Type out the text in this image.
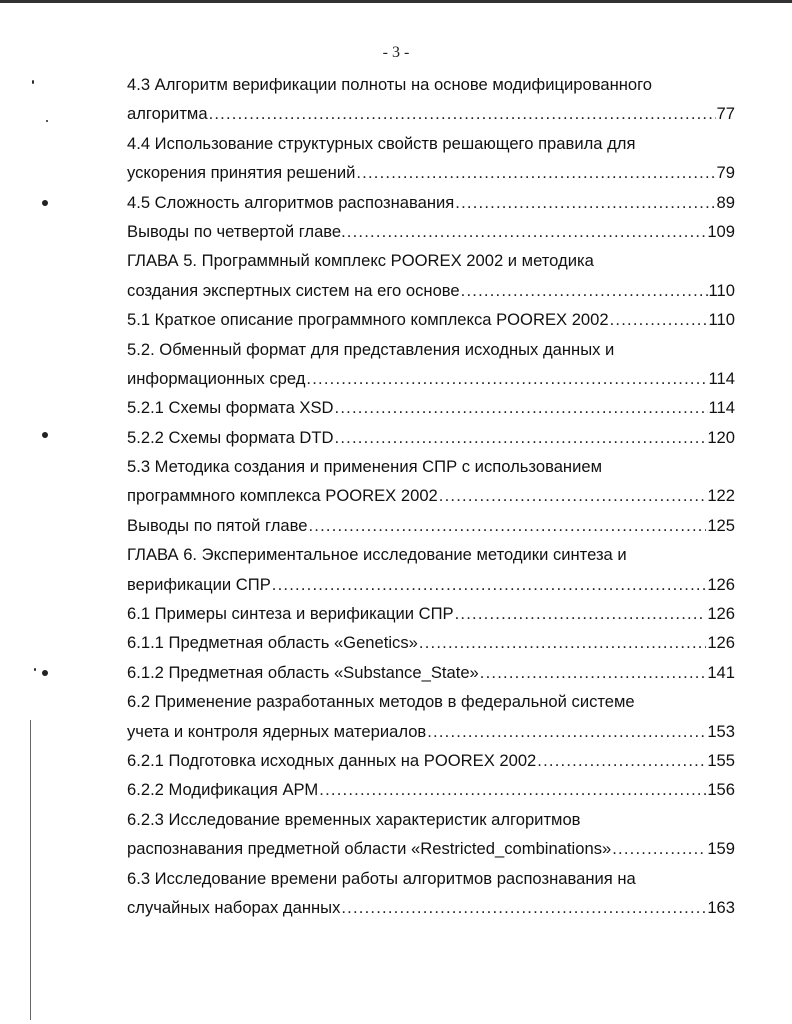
- 3 -
4.3 Алгоритм верификации полноты на основе модифицированного
алгоритма .....	77
4.4 Использование структурных свойств решающего правила для
ускорения принятия решений .....	79
4.5 Сложность алгоритмов распознавания .....	89
Выводы по четвертой главе. .....	109
ГЛАВА 5. Программный комплекс POOREX 2002 и методика
создания экспертных систем на его основе .....	110
5.1 Краткое описание программного комплекса POOREX 2002 .....	110
5.2. Обменный формат для представления исходных данных и
информационных сред .....	114
5.2.1 Схемы формата XSD .....	114
5.2.2 Схемы формата DTD .....	120
5.3 Методика создания и применения СПР с использованием
программного комплекса POOREX 2002 .....	122
Выводы по пятой главе .....	125
ГЛАВА 6. Экспериментальное исследование методики синтеза и
верификации СПР .....	126
6.1 Примеры синтеза и верификации СПР .....	126
6.1.1 Предметная область «Genetics» .....	126
6.1.2 Предметная область «Substance_State» .....	141
6.2 Применение разработанных методов в федеральной системе
учета и контроля ядерных материалов .....	153
6.2.1 Подготовка исходных данных на POOREX 2002 .....	155
6.2.2 Модификация АРМ .....	156
6.2.3 Исследование временных характеристик алгоритмов
распознавания предметной области «Restricted_combinations» .....	159
6.3 Исследование времени работы алгоритмов распознавания на
случайных наборах данных .....	163
